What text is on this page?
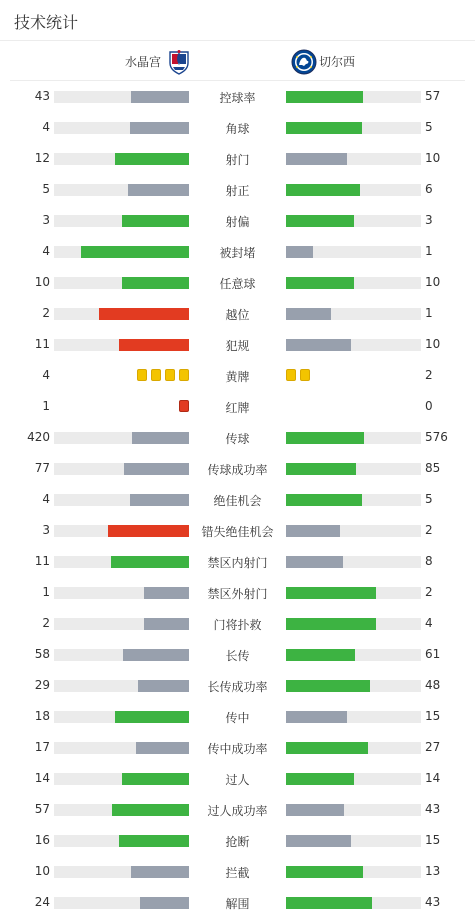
技术统计
水晶宫	切尔西
43	控球率	57
4	角球	5
12	射门	10
5	射正	6
3	射偏	3
4	被封堵	1
10	任意球	10
2	越位	1
11	犯规	10
4	黄牌	2
1	红牌	0
420	传球	576
77	传球成功率	85
4	绝佳机会	5
3	错失绝佳机会	2
11	禁区内射门	8
1	禁区外射门	2
2	门将扑救	4
58	长传	61
29	长传成功率	48
18	传中	15
17	传中成功率	27
14	过人	14
57	过人成功率	43
16	抢断	15
10	拦截	13
24	解围	43
